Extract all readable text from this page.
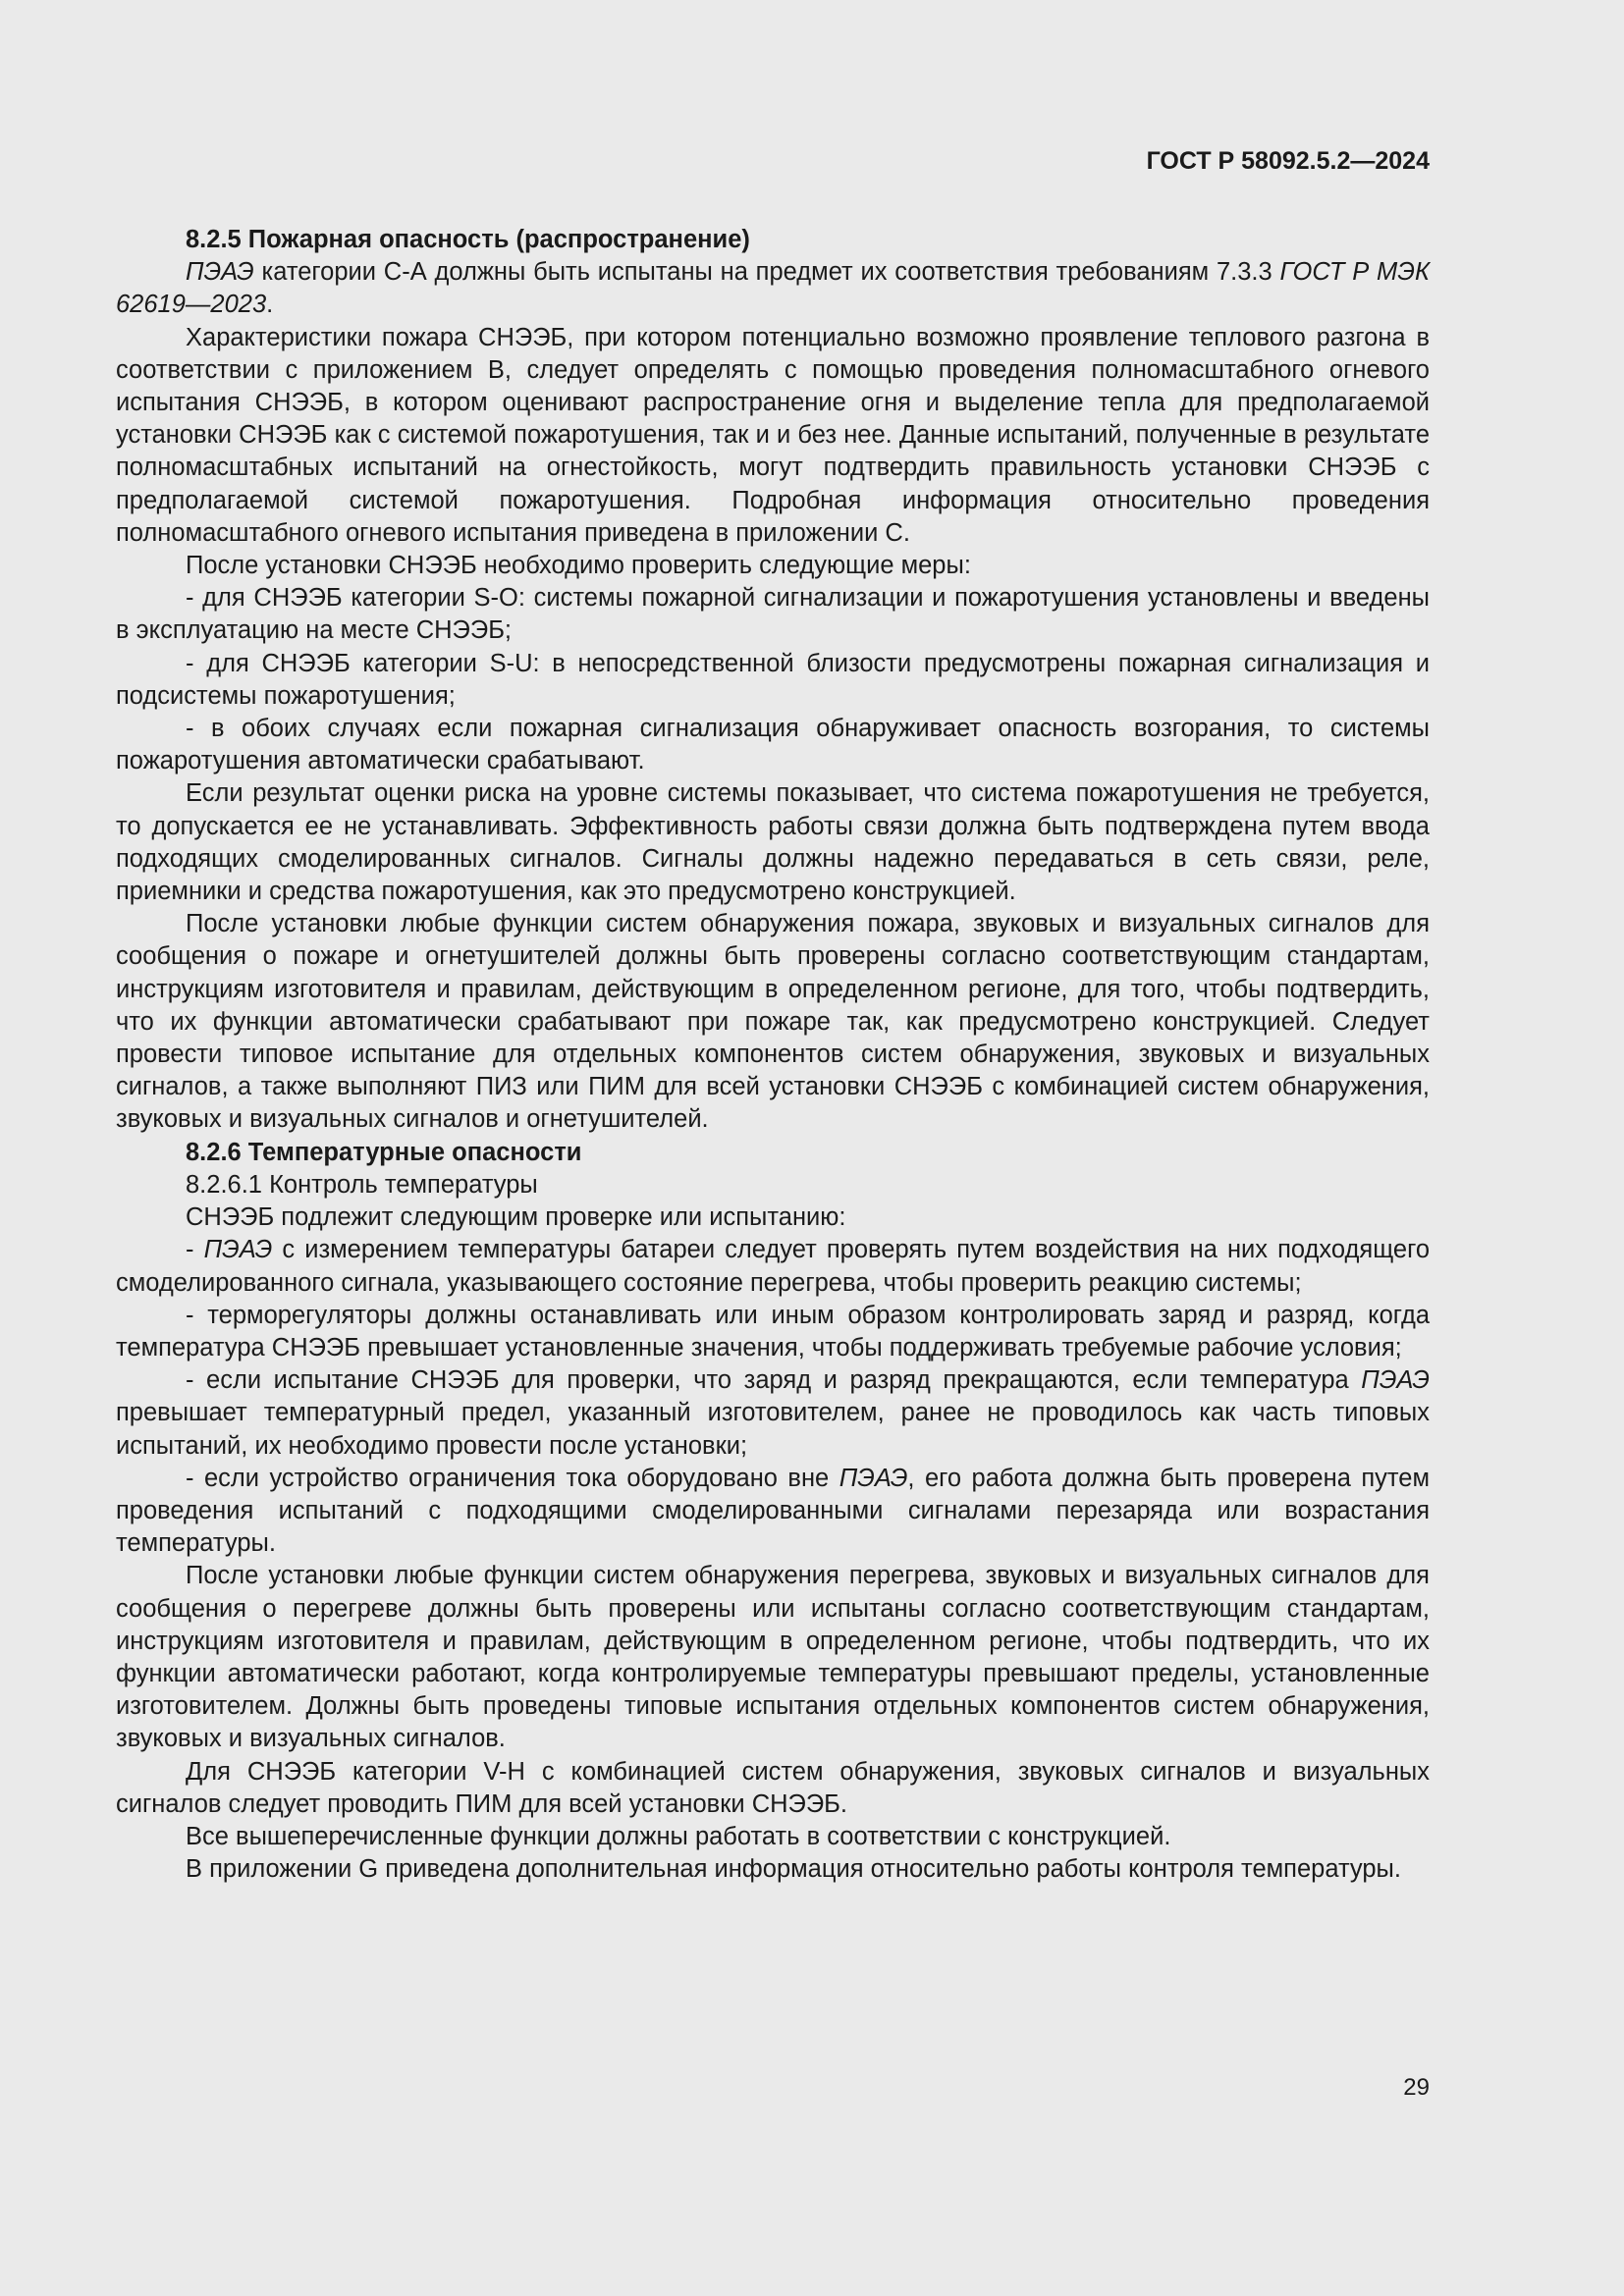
ГОСТ Р 58092.5.2—2024

8.2.5 Пожарная опасность (распространение)

ПЭАЭ категории С-А должны быть испытаны на предмет их соответствия требованиям 7.3.3 ГОСТ Р МЭК 62619—2023.

Характеристики пожара СНЭЭБ, при котором потенциально возможно проявление теплового разгона в соответствии с приложением В, следует определять с помощью проведения полномасштабного огневого испытания СНЭЭБ, в котором оценивают распространение огня и выделение тепла для предполагаемой установки СНЭЭБ как с системой пожаротушения, так и и без нее. Данные испытаний, полученные в результате полномасштабных испытаний на огнестойкость, могут подтвердить правильность установки СНЭЭБ с предполагаемой системой пожаротушения. Подробная информация относительно проведения полномасштабного огневого испытания приведена в приложении С.

После установки СНЭЭБ необходимо проверить следующие меры:

- для СНЭЭБ категории S-O: системы пожарной сигнализации и пожаротушения установлены и введены в эксплуатацию на месте СНЭЭБ;

- для СНЭЭБ категории S-U: в непосредственной близости предусмотрены пожарная сигнализация и подсистемы пожаротушения;

- в обоих случаях если пожарная сигнализация обнаруживает опасность возгорания, то системы пожаротушения автоматически срабатывают.

Если результат оценки риска на уровне системы показывает, что система пожаротушения не требуется, то допускается ее не устанавливать. Эффективность работы связи должна быть подтверждена путем ввода подходящих смоделированных сигналов. Сигналы должны надежно передаваться в сеть связи, реле, приемники и средства пожаротушения, как это предусмотрено конструкцией.

После установки любые функции систем обнаружения пожара, звуковых и визуальных сигналов для сообщения о пожаре и огнетушителей должны быть проверены согласно соответствующим стандартам, инструкциям изготовителя и правилам, действующим в определенном регионе, для того, чтобы подтвердить, что их функции автоматически срабатывают при пожаре так, как предусмотрено конструкцией. Следует провести типовое испытание для отдельных компонентов систем обнаружения, звуковых и визуальных сигналов, а также выполняют ПИЗ или ПИМ для всей установки СНЭЭБ с комбинацией систем обнаружения, звуковых и визуальных сигналов и огнетушителей.

8.2.6 Температурные опасности

8.2.6.1 Контроль температуры

СНЭЭБ подлежит следующим проверке или испытанию:

- ПЭАЭ с измерением температуры батареи следует проверять путем воздействия на них подходящего смоделированного сигнала, указывающего состояние перегрева, чтобы проверить реакцию системы;

- терморегуляторы должны останавливать или иным образом контролировать заряд и разряд, когда температура СНЭЭБ превышает установленные значения, чтобы поддерживать требуемые рабочие условия;

- если испытание СНЭЭБ для проверки, что заряд и разряд прекращаются, если температура ПЭАЭ превышает температурный предел, указанный изготовителем, ранее не проводилось как часть типовых испытаний, их необходимо провести после установки;

- если устройство ограничения тока оборудовано вне ПЭАЭ, его работа должна быть проверена путем проведения испытаний с подходящими смоделированными сигналами перезаряда или возрастания температуры.

После установки любые функции систем обнаружения перегрева, звуковых и визуальных сигналов для сообщения о перегреве должны быть проверены или испытаны согласно соответствующим стандартам, инструкциям изготовителя и правилам, действующим в определенном регионе, чтобы подтвердить, что их функции автоматически работают, когда контролируемые температуры превышают пределы, установленные изготовителем. Должны быть проведены типовые испытания отдельных компонентов систем обнаружения, звуковых и визуальных сигналов.

Для СНЭЭБ категории V-H с комбинацией систем обнаружения, звуковых сигналов и визуальных сигналов следует проводить ПИМ для всей установки СНЭЭБ.

Все вышеперечисленные функции должны работать в соответствии с конструкцией.

В приложении G приведена дополнительная информация относительно работы контроля температуры.

29
